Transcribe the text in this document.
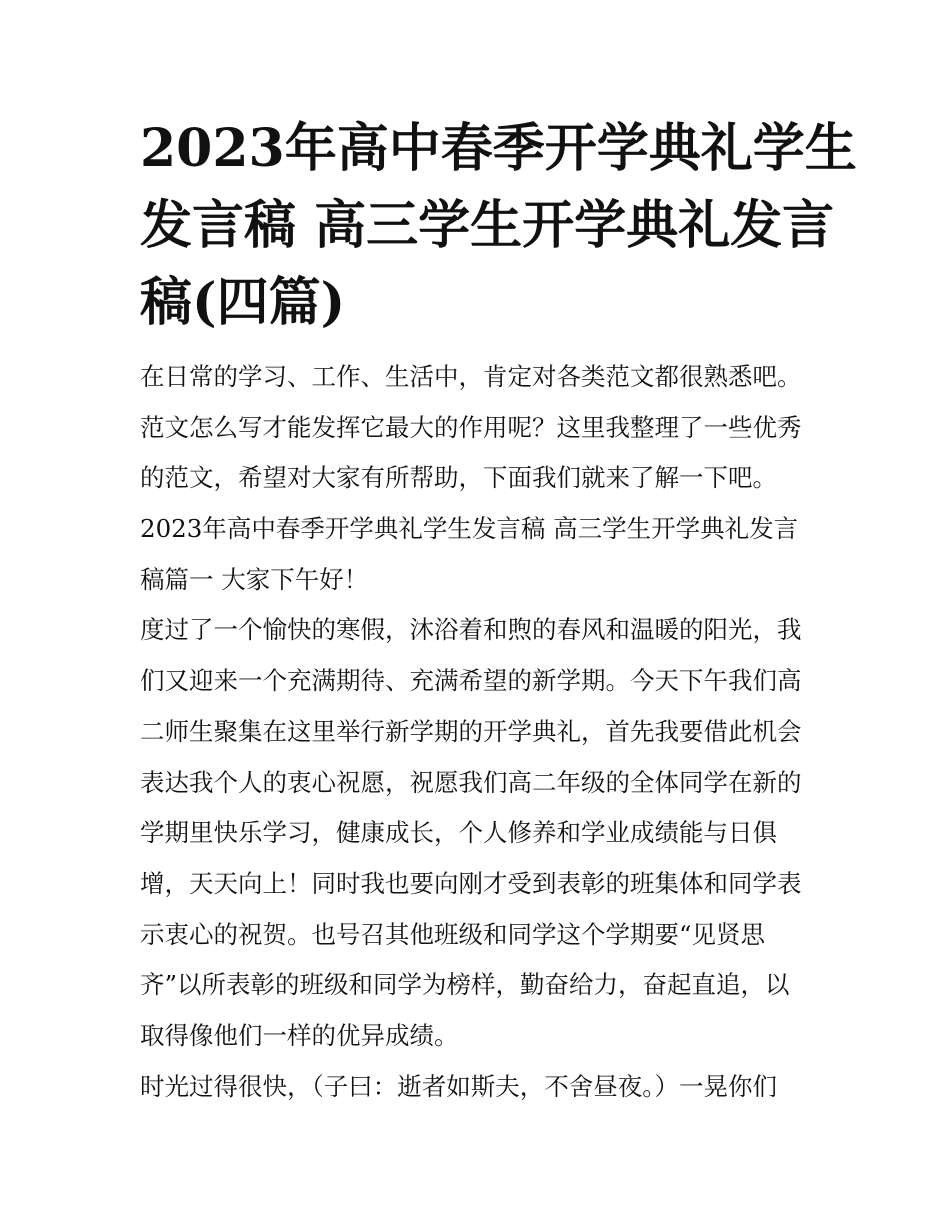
2023年高中春季开学典礼学生
发言稿 高三学生开学典礼发言
稿(四篇)
在日常的学习、工作、生活中，肯定对各类范文都很熟悉吧。
范文怎么写才能发挥它最大的作用呢？这里我整理了一些优秀
的范文，希望对大家有所帮助，下面我们就来了解一下吧。
2023年高中春季开学典礼学生发言稿 高三学生开学典礼发言
稿篇一 大家下午好！
度过了一个愉快的寒假，沐浴着和煦的春风和温暖的阳光，我
们又迎来一个充满期待、充满希望的新学期。今天下午我们高
二师生聚集在这里举行新学期的开学典礼，首先我要借此机会
表达我个人的衷心祝愿，祝愿我们高二年级的全体同学在新的
学期里快乐学习，健康成长，个人修养和学业成绩能与日俱
增，天天向上！同时我也要向刚才受到表彰的班集体和同学表
示衷心的祝贺。也号召其他班级和同学这个学期要“见贤思
齐”以所表彰的班级和同学为榜样，勤奋给力，奋起直追，以
取得像他们一样的优异成绩。
时光过得很快，（子曰：逝者如斯夫，不舍昼夜。）一晃你们
